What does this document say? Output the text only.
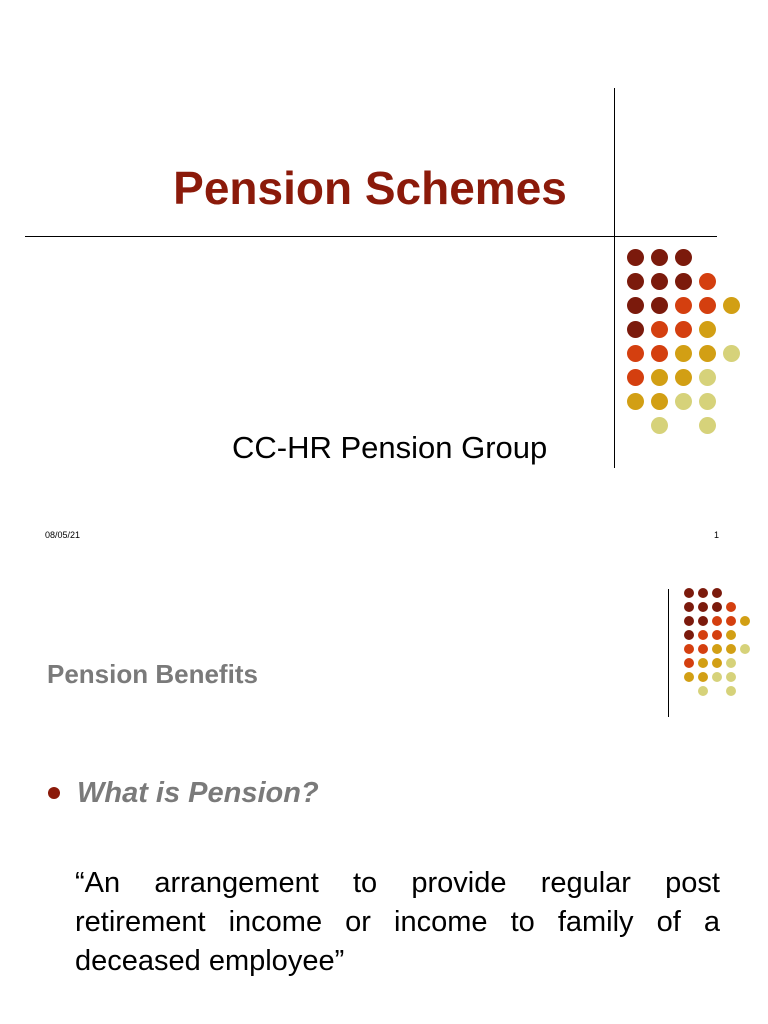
Pension Schemes

CC-HR Pension Group

08/05/21	1
Pension Benefits
What is Pension?

“An arrangement to provide regular post retirement income or income to family of a deceased employee”
